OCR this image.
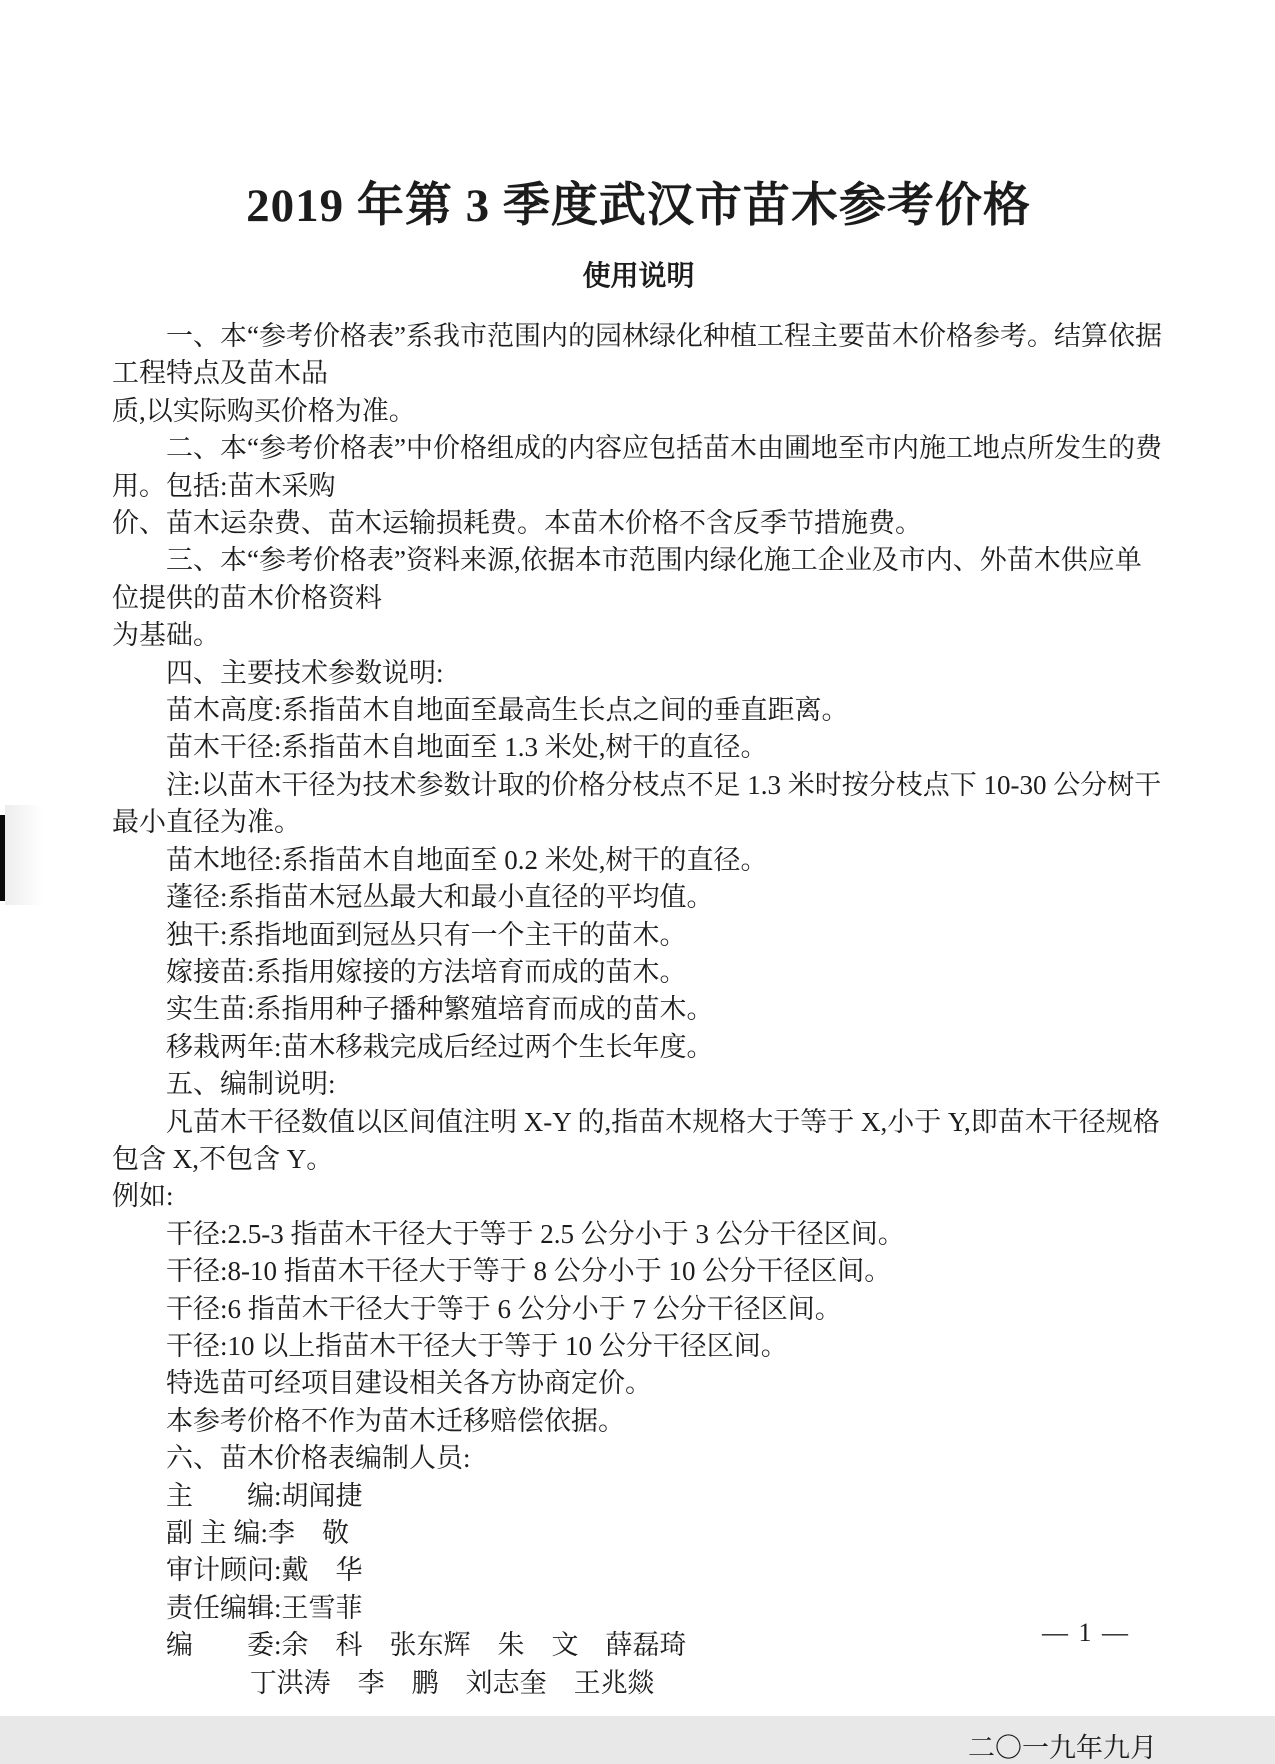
2019 年第 3 季度武汉市苗木参考价格
使用说明

一、本“参考价格表”系我市范围内的园林绿化种植工程主要苗木价格参考。结算依据工程特点及苗木品

质,以实际购买价格为准。

二、本“参考价格表”中价格组成的内容应包括苗木由圃地至市内施工地点所发生的费用。包括:苗木采购

价、苗木运杂费、苗木运输损耗费。本苗木价格不含反季节措施费。

三、本“参考价格表”资料来源,依据本市范围内绿化施工企业及市内、外苗木供应单位提供的苗木价格资料

为基础。

四、主要技术参数说明:

苗木高度:系指苗木自地面至最高生长点之间的垂直距离。

苗木干径:系指苗木自地面至 1.3 米处,树干的直径。

注:以苗木干径为技术参数计取的价格分枝点不足 1.3 米时按分枝点下 10-30 公分树干最小直径为准。

苗木地径:系指苗木自地面至 0.2 米处,树干的直径。

蓬径:系指苗木冠丛最大和最小直径的平均值。

独干:系指地面到冠丛只有一个主干的苗木。

嫁接苗:系指用嫁接的方法培育而成的苗木。

实生苗:系指用种子播种繁殖培育而成的苗木。

移栽两年:苗木移栽完成后经过两个生长年度。

五、编制说明:

凡苗木干径数值以区间值注明 X-Y 的,指苗木规格大于等于 X,小于 Y,即苗木干径规格包含 X,不包含 Y。

例如:

干径:2.5-3 指苗木干径大于等于 2.5 公分小于 3 公分干径区间。

干径:8-10 指苗木干径大于等于 8 公分小于 10 公分干径区间。

干径:6 指苗木干径大于等于 6 公分小于 7 公分干径区间。

干径:10 以上指苗木干径大于等于 10 公分干径区间。

特选苗可经项目建设相关各方协商定价。

本参考价格不作为苗木迁移赔偿依据。

六、苗木价格表编制人员:

主　　编:胡闻捷

副 主 编:李　敬

审计顾问:戴　华

责任编辑:王雪菲

编　　委:余　科　张东辉　朱　文　薛磊琦

丁洪涛　李　鹏　刘志奎　王兆燚

二〇一九年九月
— 1 —
